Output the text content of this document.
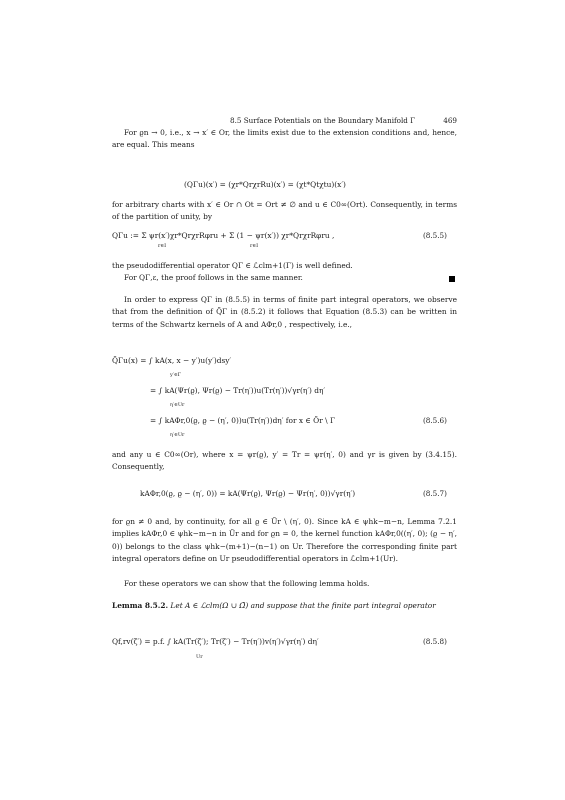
8.5 Surface Potentials on the Boundary Manifold Γ	469
For ϱn → 0, i.e., x → x′ ∈ Or, the limits exist due to the extension conditions and, hence, are equal. This means
(QΓu)(x′) = (χr*QrχrRu)(x′) = (χt*Qtχtu)(x′)
for arbitrary charts with x′ ∈ Or ∩ Ot = Ort ≠ ∅ and u ∈ C0∞(Ort). Consequently, in terms of the partition of unity, by
QΓu := Σ ψr(x′)χr*QrχrRφru + Σ (1 − ψr(x′)) χr*QrχrRφru ,
r∈I	r∈I
(8.5.5)
the pseudodifferential operator QΓ ∈ ℒclm+1(Γ) is well defined.
For QΓ,ε, the proof follows in the same manner.
In order to express QΓ in (8.5.5) in terms of finite part integral operators, we observe that from the definition of Q̃Γ in (8.5.2) it follows that Equation (8.5.3) can be written in terms of the Schwartz kernels of A and AΦr,0 , respectively, i.e.,
Q̃Γu(x) = ∫ kA(x, x − y′)u(y′)dsy′
y′∈Γ
= ∫ kA(Ψr(ϱ), Ψr(ϱ) − Tr(η′))u(Tr(η′))√γr(η′) dη′
η′∈Ur
= ∫ kAΦr,0(ϱ, ϱ − (η′, 0))u(Tr(η′))dη′ for x ∈ Õr \ Γ
η′∈Ur
(8.5.6)
and any u ∈ C0∞(Or), where x = ψr(ϱ), y′ = Tr = ψr(η′, 0) and γr is given by (3.4.15). Consequently,
kAΦr,0(ϱ, ϱ − (η′, 0)) = kA(Ψr(ϱ), Ψr(ϱ) − Ψr(η′, 0))√γr(η′)	(8.5.7)
for ϱn ≠ 0 and, by continuity, for all ϱ ∈ Ũr \ (η′, 0). Since kA ∈ ψhk−m−n, Lemma 7.2.1 implies kAΦr,0 ∈ ψhk−m−n in Ũr and for ϱn = 0, the kernel function kAΦr,0((η′, 0); (ϱ − η′, 0)) belongs to the class ψhk−(m+1)−(n−1) on Ur. Therefore the corresponding finite part integral operators define on Ur pseudodifferential operators in ℒclm+1(Ur).
For these operators we can show that the following lemma holds.
Lemma 8.5.2. Let A ∈ ℒclm(Ω ∪ Ω̃) and suppose that the finite part integral operator
Qf,rv(ζ′) = p.f. ∫ kA(Tr(ζ′); Tr(ζ′) − Tr(η′))v(η′)√γr(η′) dη′
Ur
(8.5.8)
